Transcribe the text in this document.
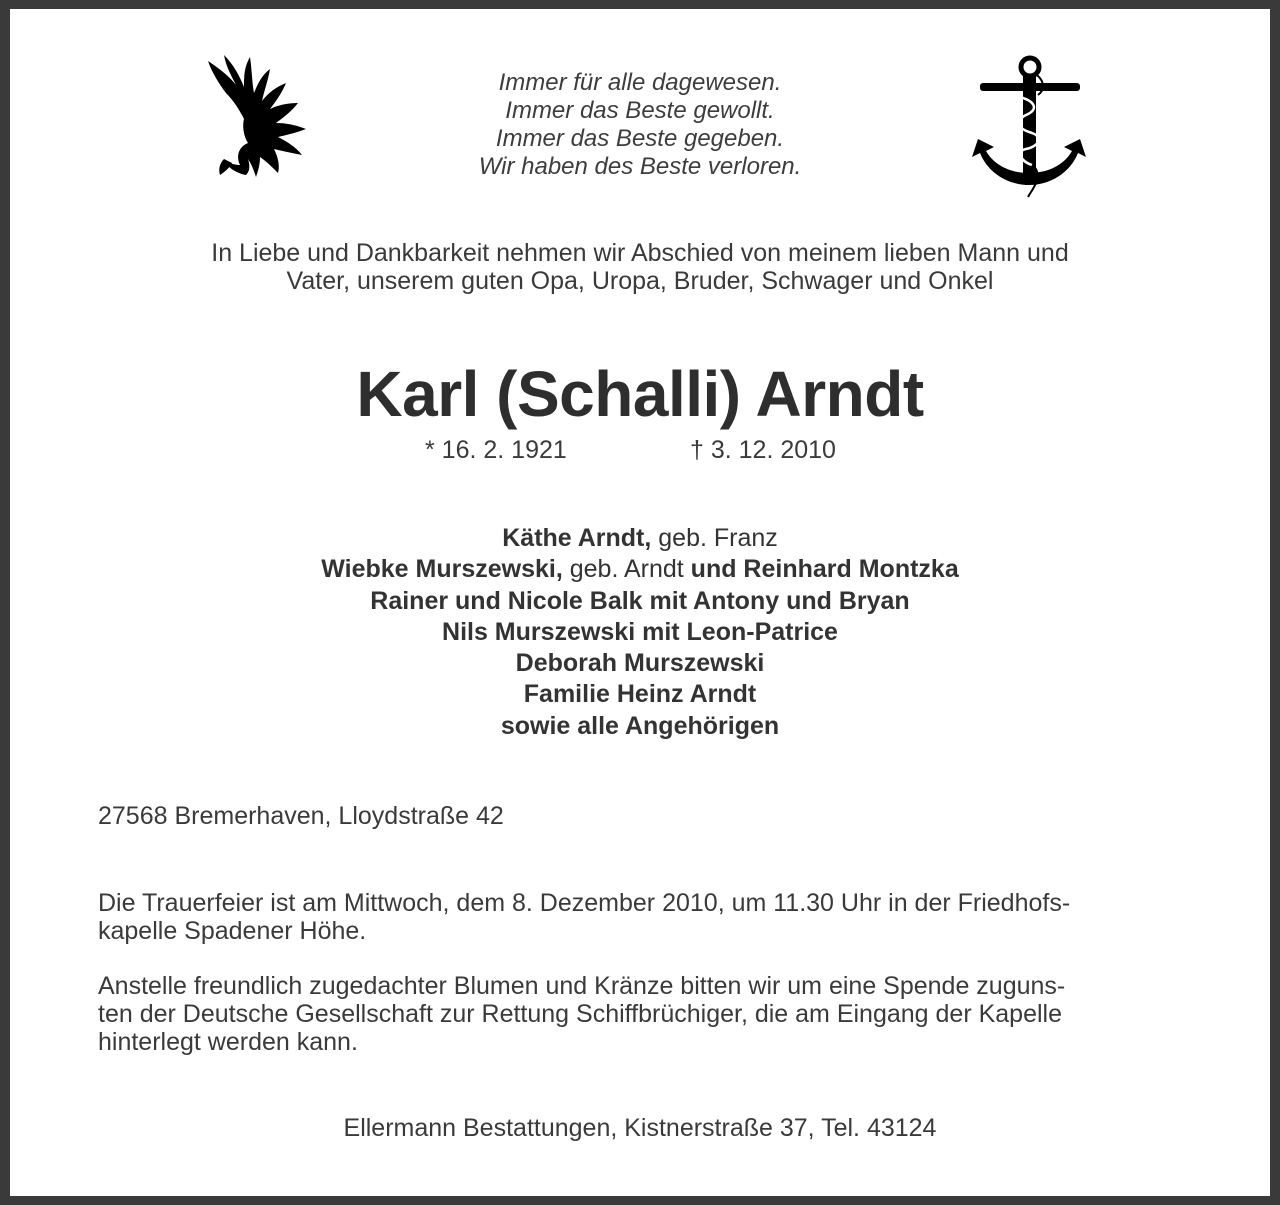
Immer für alle dagewesen.
Immer das Beste gewollt.
Immer das Beste gegeben.
Wir haben des Beste verloren.
In Liebe und Dankbarkeit nehmen wir Abschied von meinem lieben Mann und
Vater, unserem guten Opa, Uropa, Bruder, Schwager und Onkel
Karl (Schalli) Arndt
* 16. 2. 1921	† 3. 12. 2010
Käthe Arndt, geb. Franz
Wiebke Murszewski, geb. Arndt und Reinhard Montzka
Rainer und Nicole Balk mit Antony und Bryan
Nils Murszewski mit Leon-Patrice
Deborah Murszewski
Familie Heinz Arndt
sowie alle Angehörigen
27568 Bremerhaven, Lloydstraße 42
Die Trauerfeier ist am Mittwoch, dem 8. Dezember 2010, um 11.30 Uhr in der Friedhofs-
kapelle Spadener Höhe.
Anstelle freundlich zugedachter Blumen und Kränze bitten wir um eine Spende zuguns-
ten der Deutsche Gesellschaft zur Rettung Schiffbrüchiger, die am Eingang der Kapelle
hinterlegt werden kann.
Ellermann Bestattungen, Kistnerstraße 37, Tel. 43124
